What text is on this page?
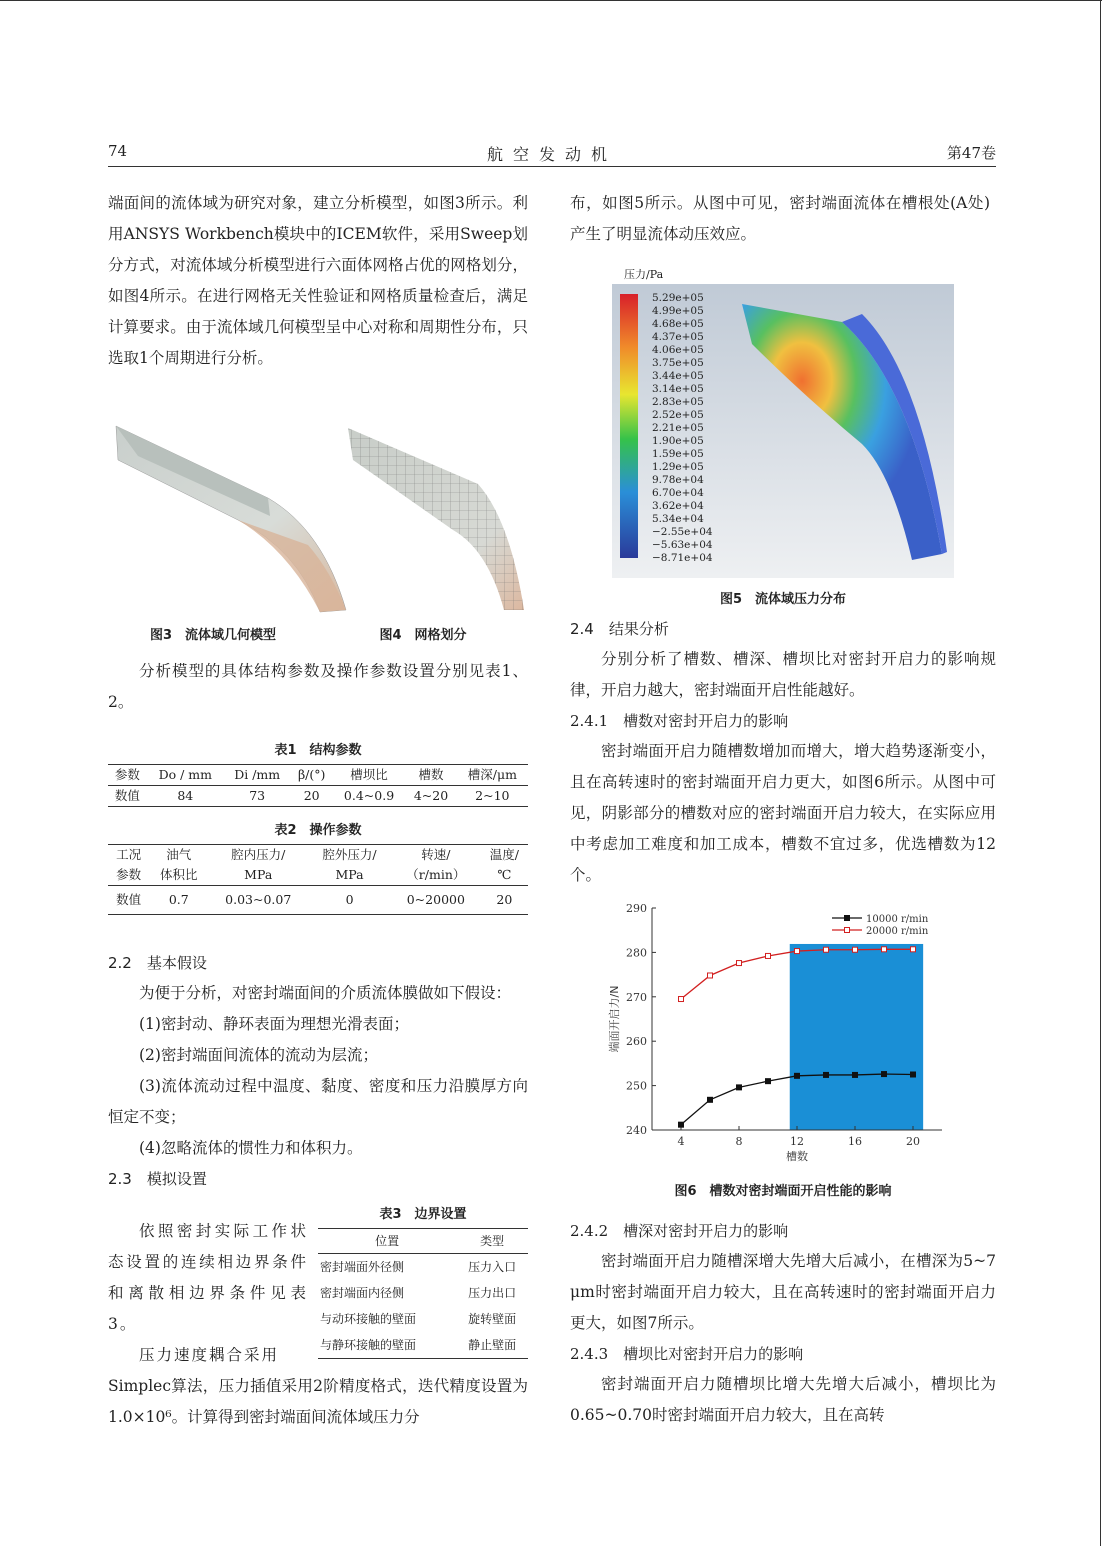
74	航空发动机	第47卷

端面间的流体域为研究对象，建立分析模型，如图3所示。利用ANSYS Workbench模块中的ICEM软件，采用Sweep划分方式，对流体域分析模型进行六面体网格占优的网格划分，如图4所示。在进行网格无关性验证和网格质量检查后，满足计算要求。由于流体域几何模型呈中心对称和周期性分布，只选取1个周期进行分析。

图3　流体域几何模型	图4　网格划分

分析模型的具体结构参数及操作参数设置分别见表1、2。

表1　结构参数
参数	Do / mm	Di /mm	β/(°)	槽坝比	槽数	槽深/μm
数值	84	73	20	0.4~0.9	4~20	2~10
表2　操作参数
工况	油气	腔内压力/	腔外压力/	转速/	温度/
参数	体积比	MPa	MPa	（r/min）	℃
数值	0.7	0.03~0.07	0	0~20000	20

2.2　基本假设

为便于分析，对密封端面间的介质流体膜做如下假设：

(1)密封动、静环表面为理想光滑表面；

(2)密封端面间流体的流动为层流；

(3)流体流动过程中温度、黏度、密度和压力沿膜厚方向恒定不变；

(4)忽略流体的惯性力和体积力。

2.3　模拟设置

依照密封实际工作状态设置的连续相边界条件和离散相边界条件见表3。
压力速度耦合采用
Simplec算法，压力插值采用2阶精度格式，迭代精度设置为1.0×10⁶。计算得到密封端面间流体域压力分
表3　边界设置
位置	类型
密封端面外径侧	压力入口
密封端面内径侧	压力出口
与动环接触的壁面	旋转壁面
与静环接触的壁面	静止壁面

布，如图5所示。从图中可见，密封端面流体在槽根处(A处)产生了明显流体动压效应。

压力/Pa
5.29e+05
4.99e+05
4.68e+05
4.37e+05
4.06e+05
3.75e+05
3.44e+05
3.14e+05
2.83e+05
2.52e+05
2.21e+05
1.90e+05
1.59e+05
1.29e+05
9.78e+04
6.70e+04
3.62e+04
5.34e+04
−2.55e+04
−5.63e+04
−8.71e+04
图5　流体域压力分布

2.4　结果分析

分别分析了槽数、槽深、槽坝比对密封开启力的影响规律，开启力越大，密封端面开启性能越好。

2.4.1　槽数对密封开启力的影响

密封端面开启力随槽数增加而增大，增大趋势逐渐变小，且在高转速时的密封端面开启力更大，如图6所示。从图中可见，阴影部分的槽数对应的密封端面开启力较大，在实际应用中考虑加工难度和加工成本，槽数不宜过多，优选槽数为12个。

240
250
260
270
280
290
4	8	12	16	20
槽数
端面开启力/N
10000 r/min
20000 r/min
图6　槽数对密封端面开启性能的影响

2.4.2　槽深对密封开启力的影响

密封端面开启力随槽深增大先增大后减小，在槽深为5~7 μm时密封端面开启力较大，且在高转速时的密封端面开启力更大，如图7所示。

2.4.3　槽坝比对密封开启力的影响

密封端面开启力随槽坝比增大先增大后减小，槽坝比为0.65~0.70时密封端面开启力较大，且在高转
